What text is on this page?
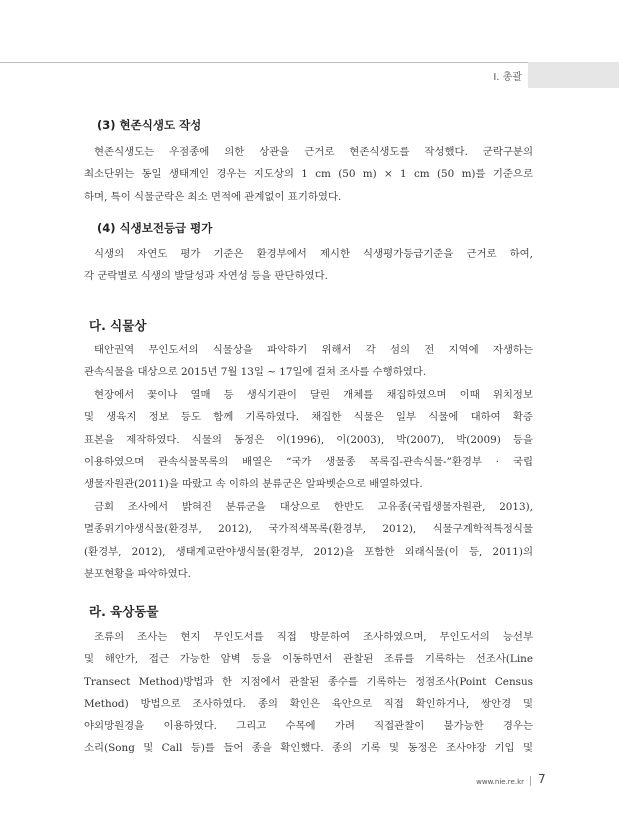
Ⅰ. 총괄
(3) 현존식생도 작성
현존식생도는 우점종에 의한 상관을 근거로 현존식생도를 작성했다. 군락구분의
최소단위는 동일 생태계인 경우는 지도상의 1 cm (50 m) × 1 cm (50 m)를 기준으로
하며, 특이 식물군락은 최소 면적에 관계없이 표기하였다.
(4) 식생보전등급 평가
식생의 자연도 평가 기준은 환경부에서 제시한 식생평가등급기준을 근거로 하여,
각 군락별로 식생의 발달성과 자연성 등을 판단하였다.
다. 식물상
태안권역 무인도서의 식물상을 파악하기 위해서 각 섬의 전 지역에 자생하는
관속식물을 대상으로 2015년 7월 13일 ~ 17일에 걸쳐 조사를 수행하였다.
현장에서 꽃이나 열매 등 생식기관이 달린 개체를 채집하였으며 이때 위치정보
및 생육지 정보 등도 함께 기록하였다. 채집한 식물은 일부 식물에 대하여 확증
표본을 제작하였다. 식물의 동정은 이(1996), 이(2003), 박(2007), 박(2009) 등을
이용하였으며 관속식물목록의 배열은 “국가 생물종 목록집-관속식물-”환경부 · 국립
생물자원관(2011)을 따랐고 속 이하의 분류군은 알파벳순으로 배열하였다.
금회 조사에서 밝혀진 분류군을 대상으로 한반도 고유종(국립생물자원관, 2013),
멸종위기야생식물(환경부, 2012), 국가적색목록(환경부, 2012), 식물구계학적특정식물
(환경부, 2012), 생태계교란야생식물(환경부, 2012)을 포함한 외래식물(이 등, 2011)의
분포현황을 파악하였다.
라. 육상동물
조류의 조사는 현지 무인도서를 직접 방문하여 조사하였으며, 무인도서의 능선부
및 해안가, 접근 가능한 암벽 등을 이동하면서 관찰된 조류를 기록하는 선조사(Line
Transect Method)방법과 한 지점에서 관찰된 종수를 기록하는 정점조사(Point Census
Method) 방법으로 조사하였다. 종의 확인은 육안으로 직접 확인하거나, 쌍안경 및
야외망원경을 이용하였다. 그리고 수목에 가려 직접관찰이 불가능한 경우는
소리(Song 및 Call 등)를 들어 종을 확인했다. 종의 기록 및 동정은 조사야장 기입 및
www.nie.re.kr 7
